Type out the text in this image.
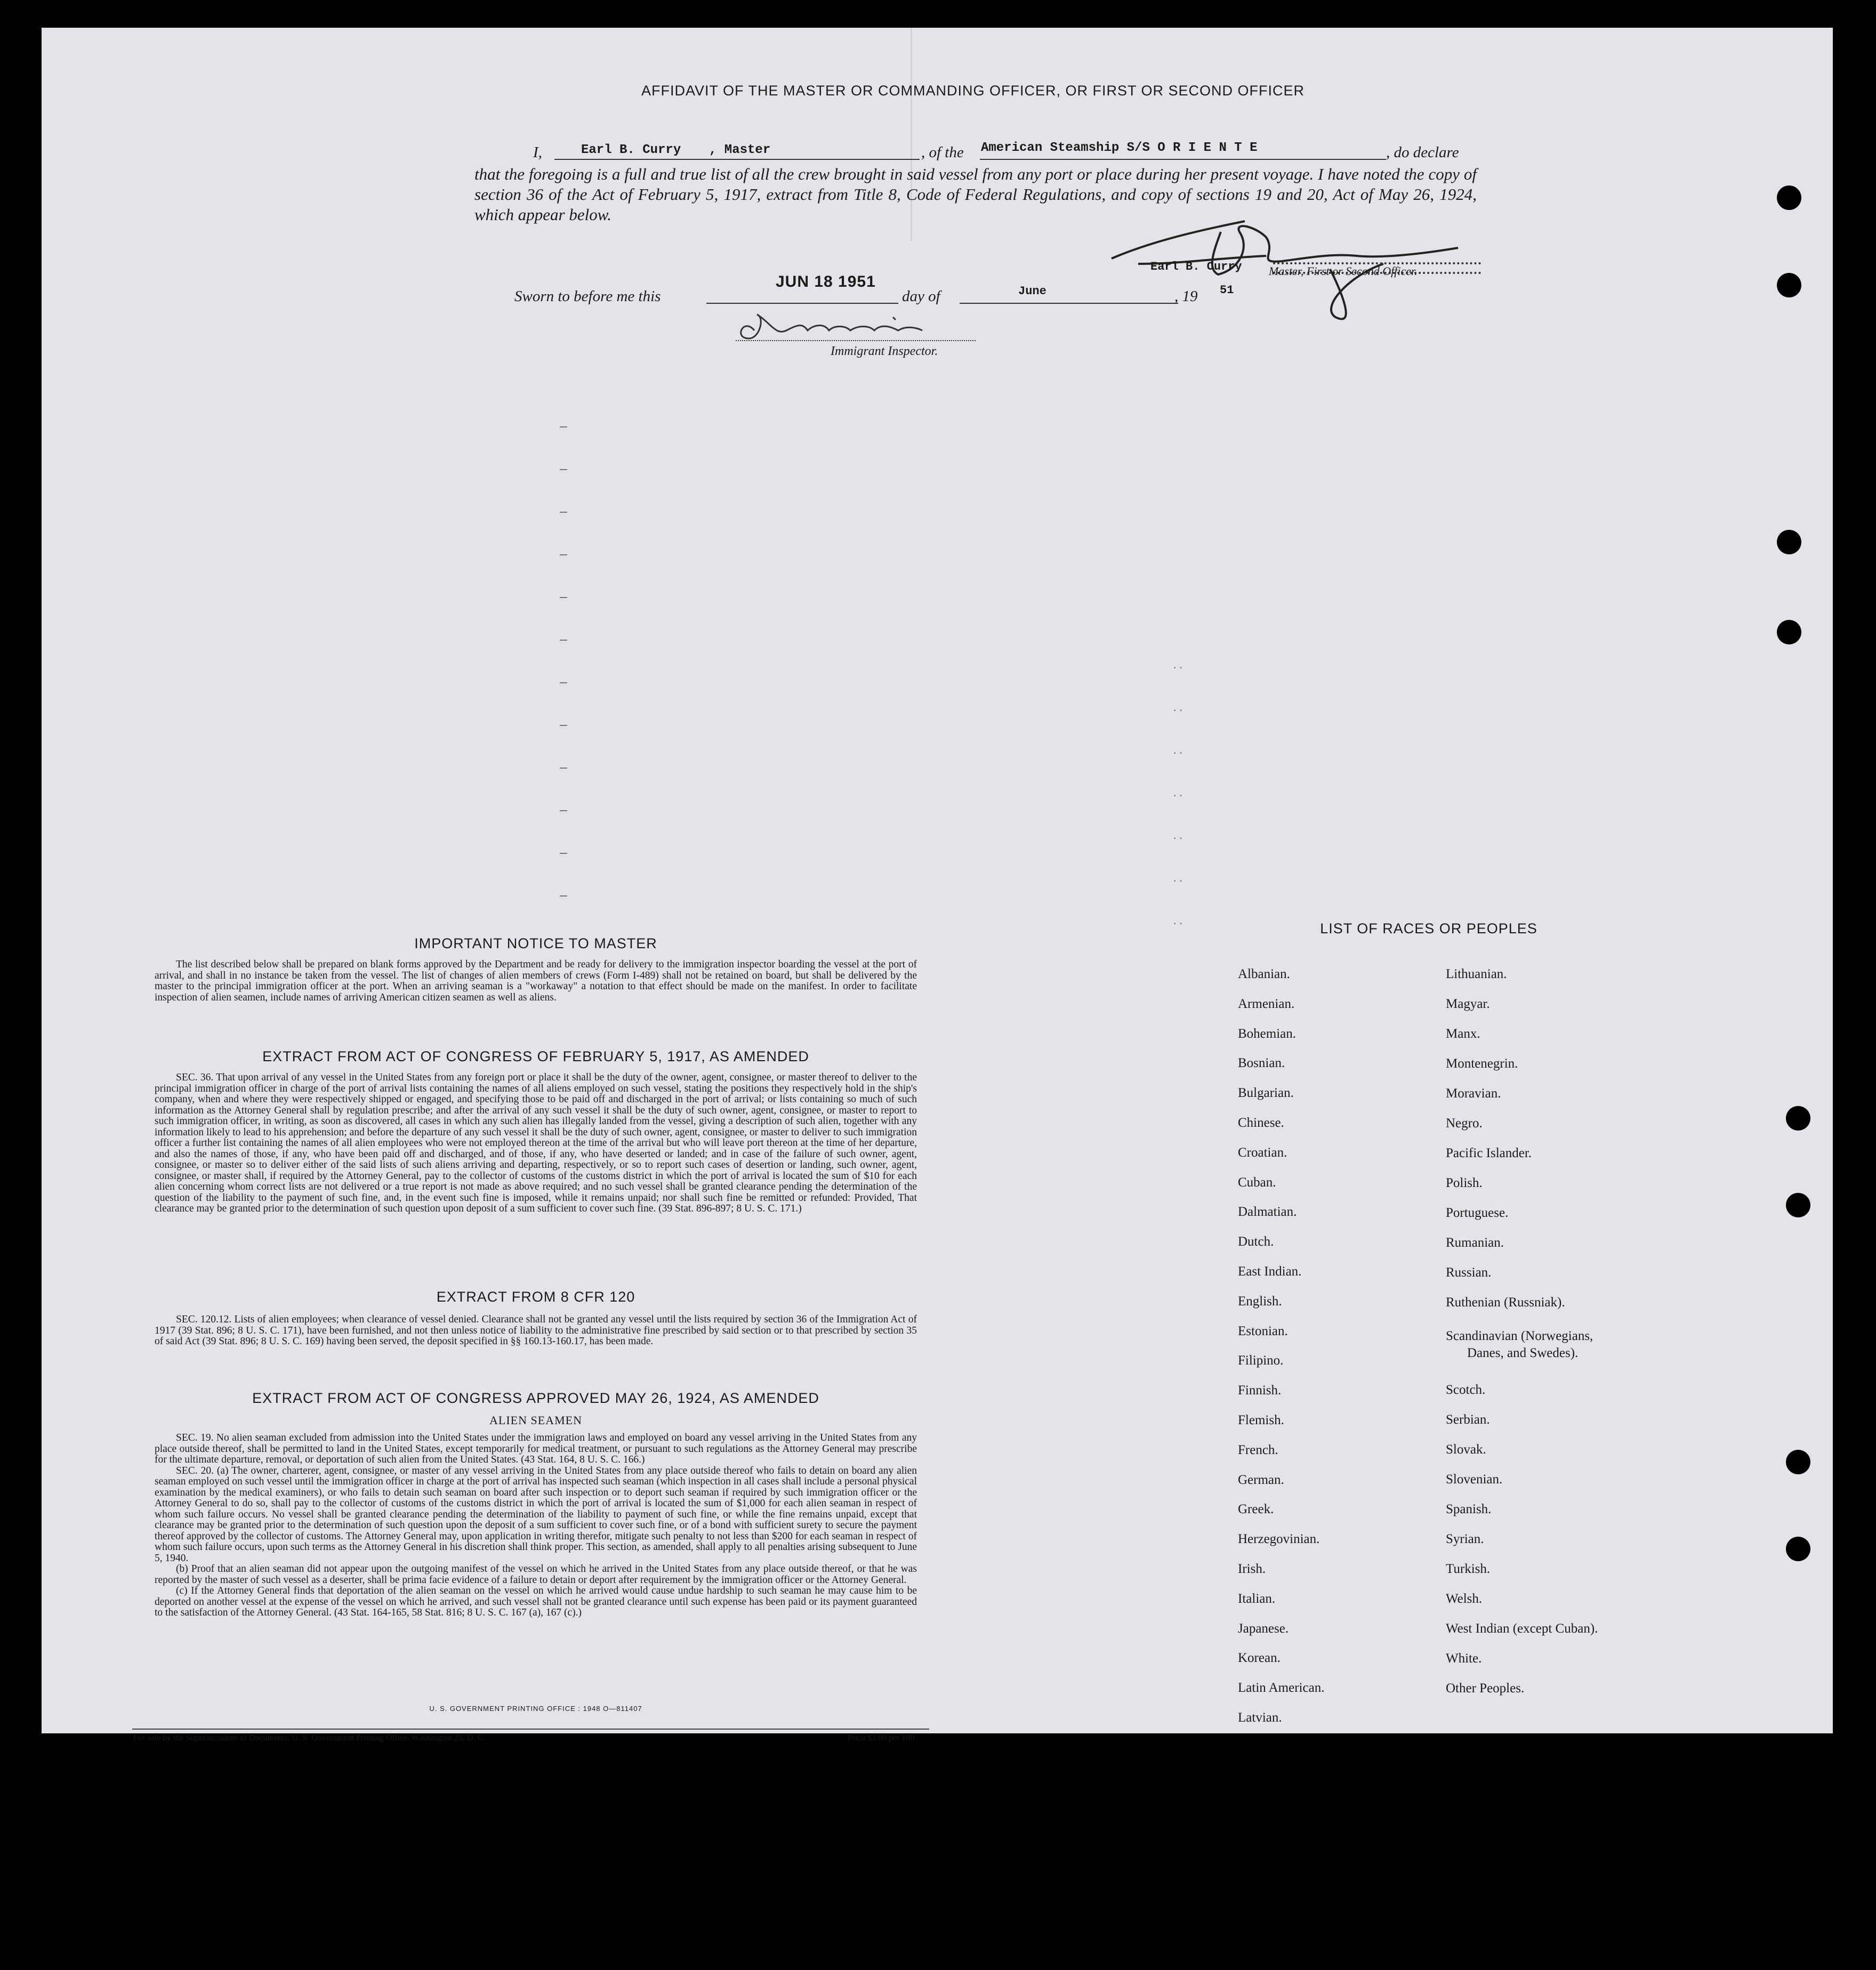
AFFIDAVIT OF THE MASTER OR COMMANDING OFFICER, OR FIRST OR SECOND OFFICER
I,	Earl B. Curry , Master	, of the American Steamship S/S O R I E N T E	, do declare
that the foregoing is a full and true list of all the crew brought in said vessel from any port or place during her present voyage. I have noted the copy of section 36 of the Act of February 5, 1917, extract from Title 8, Code of Federal Regulations, and copy of sections 19 and 20, Act of May 26, 1924, which appear below.
Earl B. Curry Master, First or Second Officer.
Sworn to before me this
JUN 18 1951
day of	June	, 19 51
Immigrant Inspector.
··
··
··
··
··
··
··
IMPORTANT NOTICE TO MASTER

The list described below shall be prepared on blank forms approved by the Department and be ready for delivery to the immigration inspector boarding the vessel at the port of arrival, and shall in no instance be taken from the vessel. The list of changes of alien members of crews (Form I-489) shall not be retained on board, but shall be delivered by the master to the principal immigration officer at the port. When an arriving seaman is a "workaway" a notation to that effect should be made on the manifest. In order to facilitate inspection of alien seamen, include names of arriving American citizen seamen as well as aliens.

EXTRACT FROM ACT OF CONGRESS OF FEBRUARY 5, 1917, AS AMENDED

SEC. 36. That upon arrival of any vessel in the United States from any foreign port or place it shall be the duty of the owner, agent, consignee, or master thereof to deliver to the principal immigration officer in charge of the port of arrival lists containing the names of all aliens employed on such vessel, stating the positions they respectively hold in the ship's company, when and where they were respectively shipped or engaged, and specifying those to be paid off and discharged in the port of arrival; or lists containing so much of such information as the Attorney General shall by regulation prescribe; and after the arrival of any such vessel it shall be the duty of such owner, agent, consignee, or master to report to such immigration officer, in writing, as soon as discovered, all cases in which any such alien has illegally landed from the vessel, giving a description of such alien, together with any information likely to lead to his apprehension; and before the departure of any such vessel it shall be the duty of such owner, agent, consignee, or master to deliver to such immigration officer a further list containing the names of all alien employees who were not employed thereon at the time of the arrival but who will leave port thereon at the time of her departure, and also the names of those, if any, who have been paid off and discharged, and of those, if any, who have deserted or landed; and in case of the failure of such owner, agent, consignee, or master so to deliver either of the said lists of such aliens arriving and departing, respectively, or so to report such cases of desertion or landing, such owner, agent, consignee, or master shall, if required by the Attorney General, pay to the collector of customs of the customs district in which the port of arrival is located the sum of $10 for each alien concerning whom correct lists are not delivered or a true report is not made as above required; and no such vessel shall be granted clearance pending the determination of the question of the liability to the payment of such fine, and, in the event such fine is imposed, while it remains unpaid; nor shall such fine be remitted or refunded: Provided, That clearance may be granted prior to the determination of such question upon deposit of a sum sufficient to cover such fine. (39 Stat. 896-897; 8 U. S. C. 171.)

EXTRACT FROM 8 CFR 120

SEC. 120.12. Lists of alien employees; when clearance of vessel denied. Clearance shall not be granted any vessel until the lists required by section 36 of the Immigration Act of 1917 (39 Stat. 896; 8 U. S. C. 171), have been furnished, and not then unless notice of liability to the administrative fine prescribed by said section or to that prescribed by section 35 of said Act (39 Stat. 896; 8 U. S. C. 169) having been served, the deposit specified in §§ 160.13-160.17, has been made.

EXTRACT FROM ACT OF CONGRESS APPROVED MAY 26, 1924, AS AMENDED
ALIEN SEAMEN

SEC. 19. No alien seaman excluded from admission into the United States under the immigration laws and employed on board any vessel arriving in the United States from any place outside thereof, shall be permitted to land in the United States, except temporarily for medical treatment, or pursuant to such regulations as the Attorney General may prescribe for the ultimate departure, removal, or deportation of such alien from the United States. (43 Stat. 164, 8 U. S. C. 166.)

SEC. 20. (a) The owner, charterer, agent, consignee, or master of any vessel arriving in the United States from any place outside thereof who fails to detain on board any alien seaman employed on such vessel until the immigration officer in charge at the port of arrival has inspected such seaman (which inspection in all cases shall include a personal physical examination by the medical examiners), or who fails to detain such seaman on board after such inspection or to deport such seaman if required by such immigration officer or the Attorney General to do so, shall pay to the collector of customs of the customs district in which the port of arrival is located the sum of $1,000 for each alien seaman in respect of whom such failure occurs. No vessel shall be granted clearance pending the determination of the liability to payment of such fine, or while the fine remains unpaid, except that clearance may be granted prior to the determination of such question upon the deposit of a sum sufficient to cover such fine, or of a bond with sufficient surety to secure the payment thereof approved by the collector of customs. The Attorney General may, upon application in writing therefor, mitigate such penalty to not less than $200 for each seaman in respect of whom such failure occurs, upon such terms as the Attorney General in his discretion shall think proper. This section, as amended, shall apply to all penalties arising subsequent to June 5, 1940.

(b) Proof that an alien seaman did not appear upon the outgoing manifest of the vessel on which he arrived in the United States from any place outside thereof, or that he was reported by the master of such vessel as a deserter, shall be prima facie evidence of a failure to detain or deport after requirement by the immigration officer or the Attorney General.

(c) If the Attorney General finds that deportation of the alien seaman on the vessel on which he arrived would cause undue hardship to such seaman he may cause him to be deported on another vessel at the expense of the vessel on which he arrived, and such vessel shall not be granted clearance until such expense has been paid or its payment guaranteed to the satisfaction of the Attorney General. (43 Stat. 164-165, 58 Stat. 816; 8 U. S. C. 167 (a), 167 (c).)

U. S. GOVERNMENT PRINTING OFFICE : 1948 O—811407
For sale by the Superintendent of Documents, U. S. Government Printing Office, Washington 25, D. C.	Price $3.00 per 100
LIST OF RACES OR PEOPLES
Albanian.
Armenian.
Bohemian.
Bosnian.
Bulgarian.
Chinese.
Croatian.
Cuban.
Dalmatian.
Dutch.
East Indian.
English.
Estonian.
Filipino.
Finnish.
Flemish.
French.
German.
Greek.
Herzegovinian.
Irish.
Italian.
Japanese.
Korean.
Latin American.
Latvian.
Lithuanian.
Magyar.
Manx.
Montenegrin.
Moravian.
Negro.
Pacific Islander.
Polish.
Portuguese.
Rumanian.
Russian.
Ruthenian (Russniak).
Scandinavian (Norwegians,
Danes, and Swedes).
Scotch.
Serbian.
Slovak.
Slovenian.
Spanish.
Syrian.
Turkish.
Welsh.
West Indian (except Cuban).
White.
Other Peoples.
